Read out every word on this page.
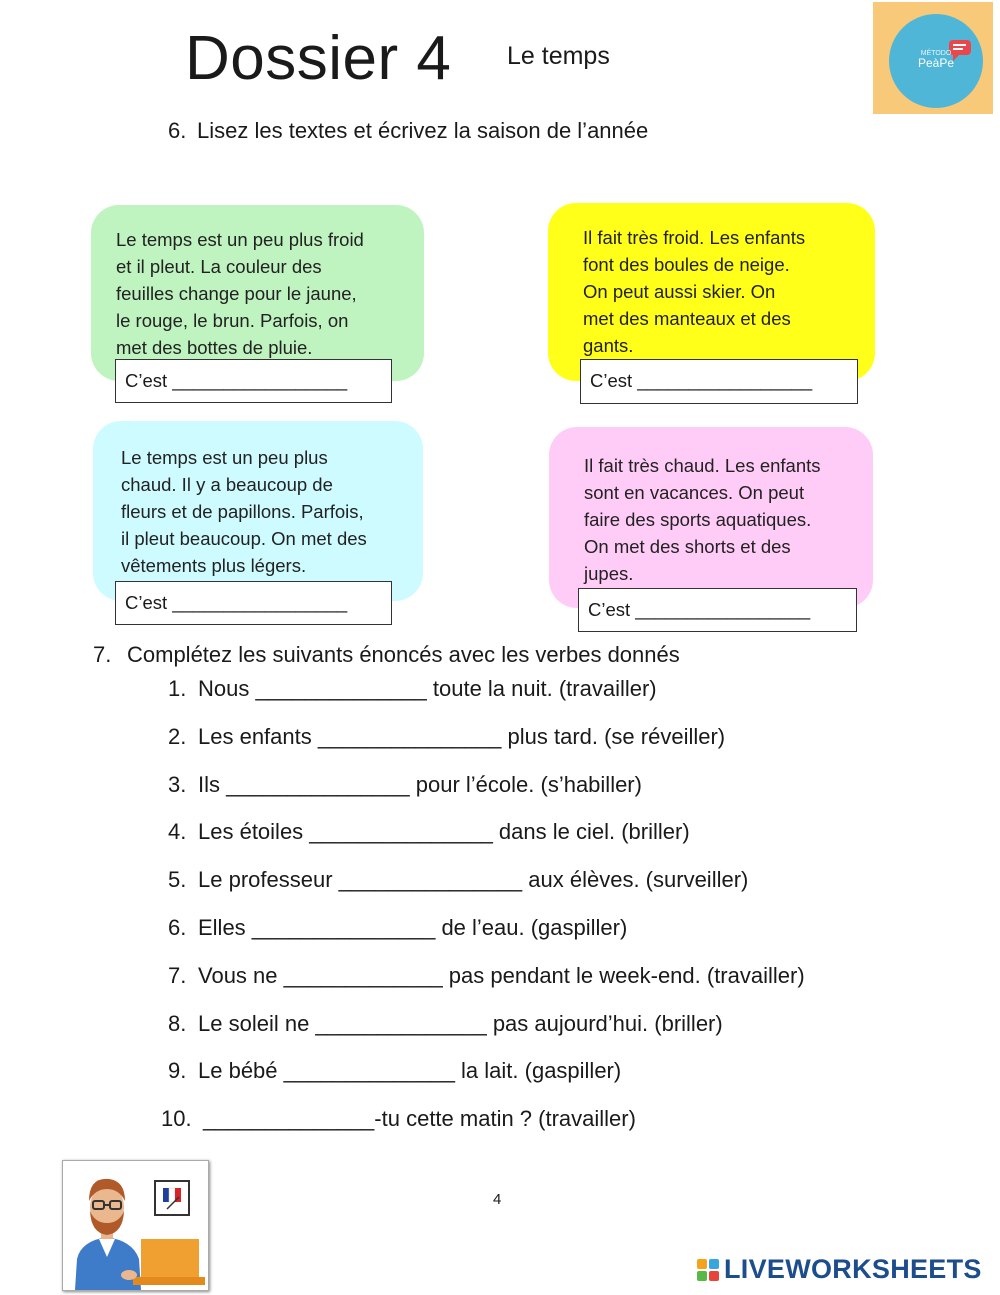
Dossier 4 Le temps	MÉTODO
PeàPe
6. Lisez les textes et écrivez la saison de l’année
Le temps est un peu plus froid
et il pleut. La couleur des
feuilles change pour le jaune,
le rouge, le brun. Parfois, on
met des bottes de pluie.
C’est _________________
Il fait très froid. Les enfants
font des boules de neige.
On peut aussi skier. On
met des manteaux et des
gants.
C’est _________________
Le temps est un peu plus
chaud. Il y a beaucoup de
fleurs et de papillons. Parfois,
il pleut beaucoup. On met des
vêtements plus légers.
C’est _________________
Il fait très chaud. Les enfants
sont en vacances. On peut
faire des sports aquatiques.
On met des shorts et des
jupes.
C’est _________________
7. Complétez les suivants énoncés avec les verbes donnés
1. Nous ______________ toute la nuit. (travailler)
2. Les enfants _______________ plus tard. (se réveiller)
3. Ils _______________ pour l’école. (s’habiller)
4. Les étoiles _______________ dans le ciel. (briller)
5. Le professeur _______________ aux élèves. (surveiller)
6. Elles _______________ de l’eau. (gaspiller)
7. Vous ne _____________ pas pendant le week-end. (travailler)
8. Le soleil ne ______________ pas aujourd’hui. (briller)
9. Le bébé ______________ la lait. (gaspiller)
10. ______________-tu cette matin ? (travailler)
4
LIVEWORKSHEETS
